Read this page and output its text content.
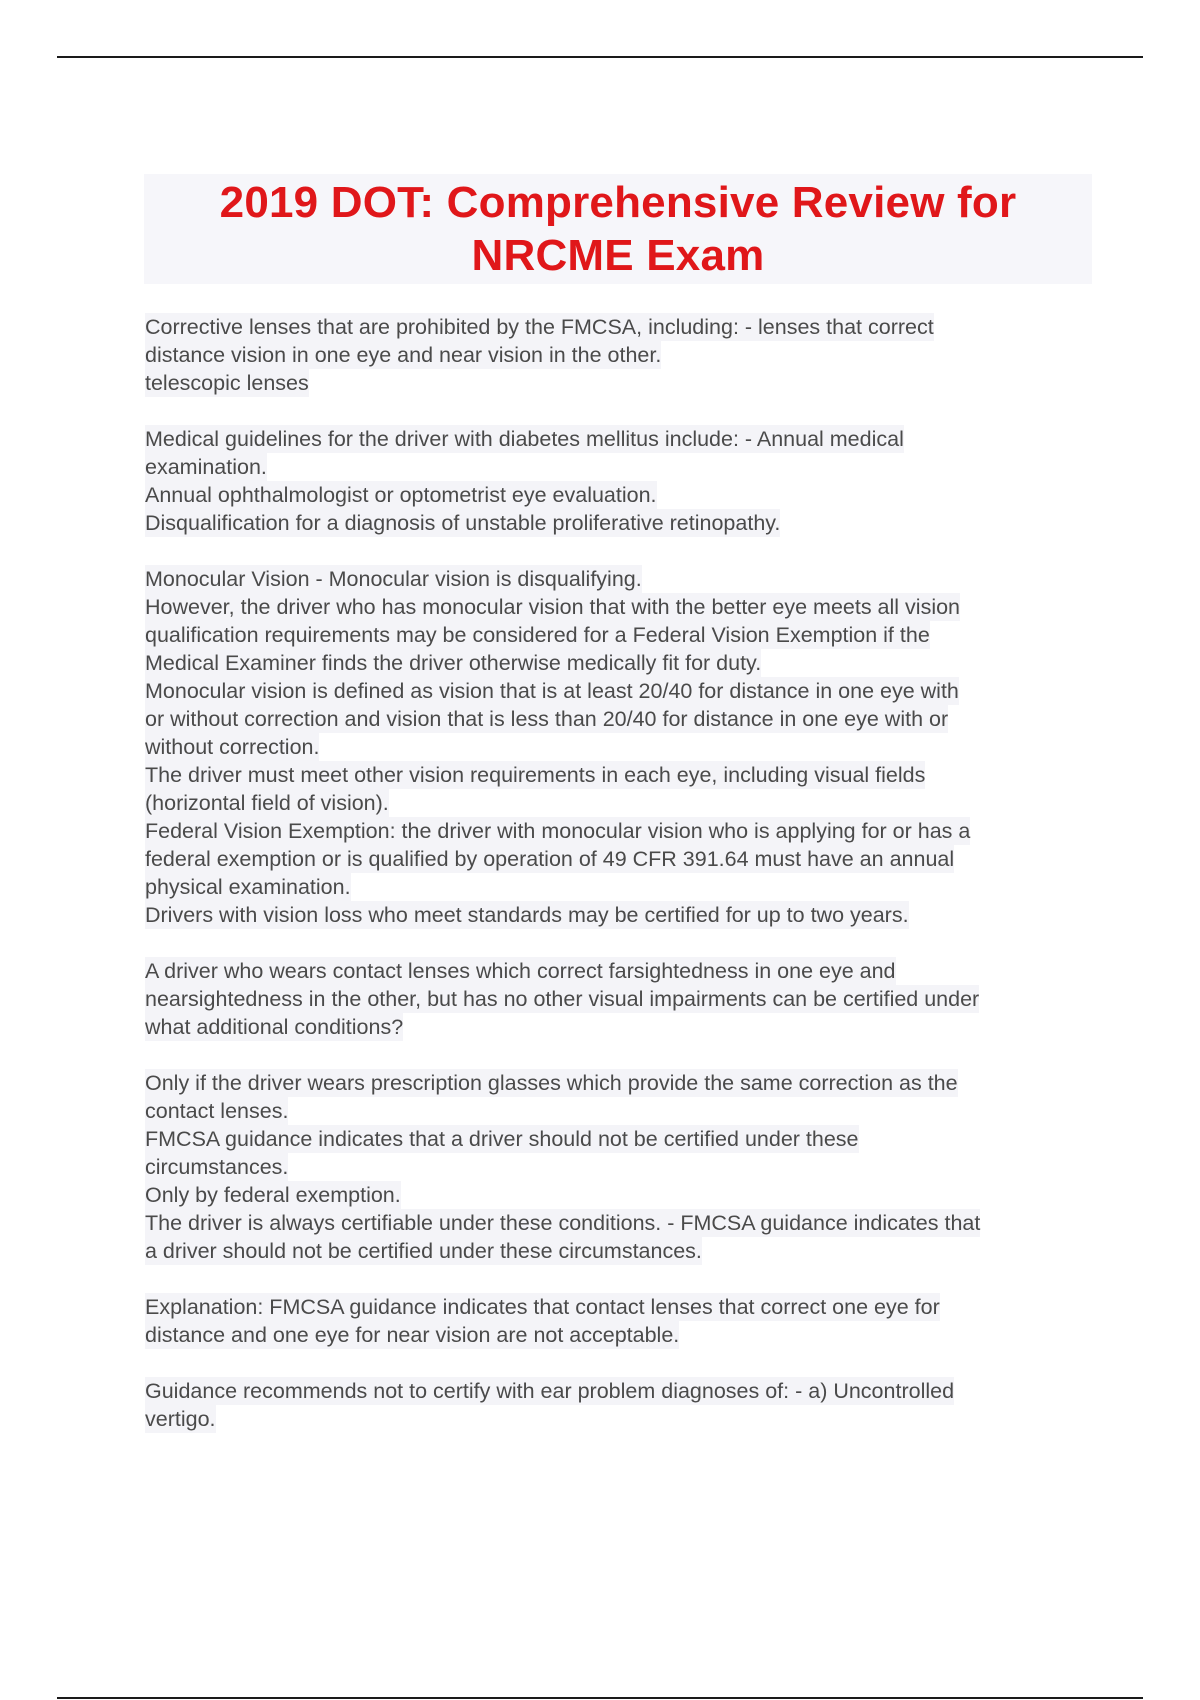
2019 DOT: Comprehensive Review for
NRCME Exam
Corrective lenses that are prohibited by the FMCSA, including: - lenses that correct
distance vision in one eye and near vision in the other.
telescopic lenses
Medical guidelines for the driver with diabetes mellitus include: - Annual medical
examination.
Annual ophthalmologist or optometrist eye evaluation.
Disqualification for a diagnosis of unstable proliferative retinopathy.
Monocular Vision - Monocular vision is disqualifying.
However, the driver who has monocular vision that with the better eye meets all vision
qualification requirements may be considered for a Federal Vision Exemption if the
Medical Examiner finds the driver otherwise medically fit for duty.
Monocular vision is defined as vision that is at least 20/40 for distance in one eye with
or without correction and vision that is less than 20/40 for distance in one eye with or
without correction.
The driver must meet other vision requirements in each eye, including visual fields
(horizontal field of vision).
Federal Vision Exemption: the driver with monocular vision who is applying for or has a
federal exemption or is qualified by operation of 49 CFR 391.64 must have an annual
physical examination.
Drivers with vision loss who meet standards may be certified for up to two years.
A driver who wears contact lenses which correct farsightedness in one eye and
nearsightedness in the other, but has no other visual impairments can be certified under
what additional conditions?
Only if the driver wears prescription glasses which provide the same correction as the
contact lenses.
FMCSA guidance indicates that a driver should not be certified under these
circumstances.
Only by federal exemption.
The driver is always certifiable under these conditions. - FMCSA guidance indicates that
a driver should not be certified under these circumstances.
Explanation: FMCSA guidance indicates that contact lenses that correct one eye for
distance and one eye for near vision are not acceptable.
Guidance recommends not to certify with ear problem diagnoses of: - a) Uncontrolled
vertigo.
